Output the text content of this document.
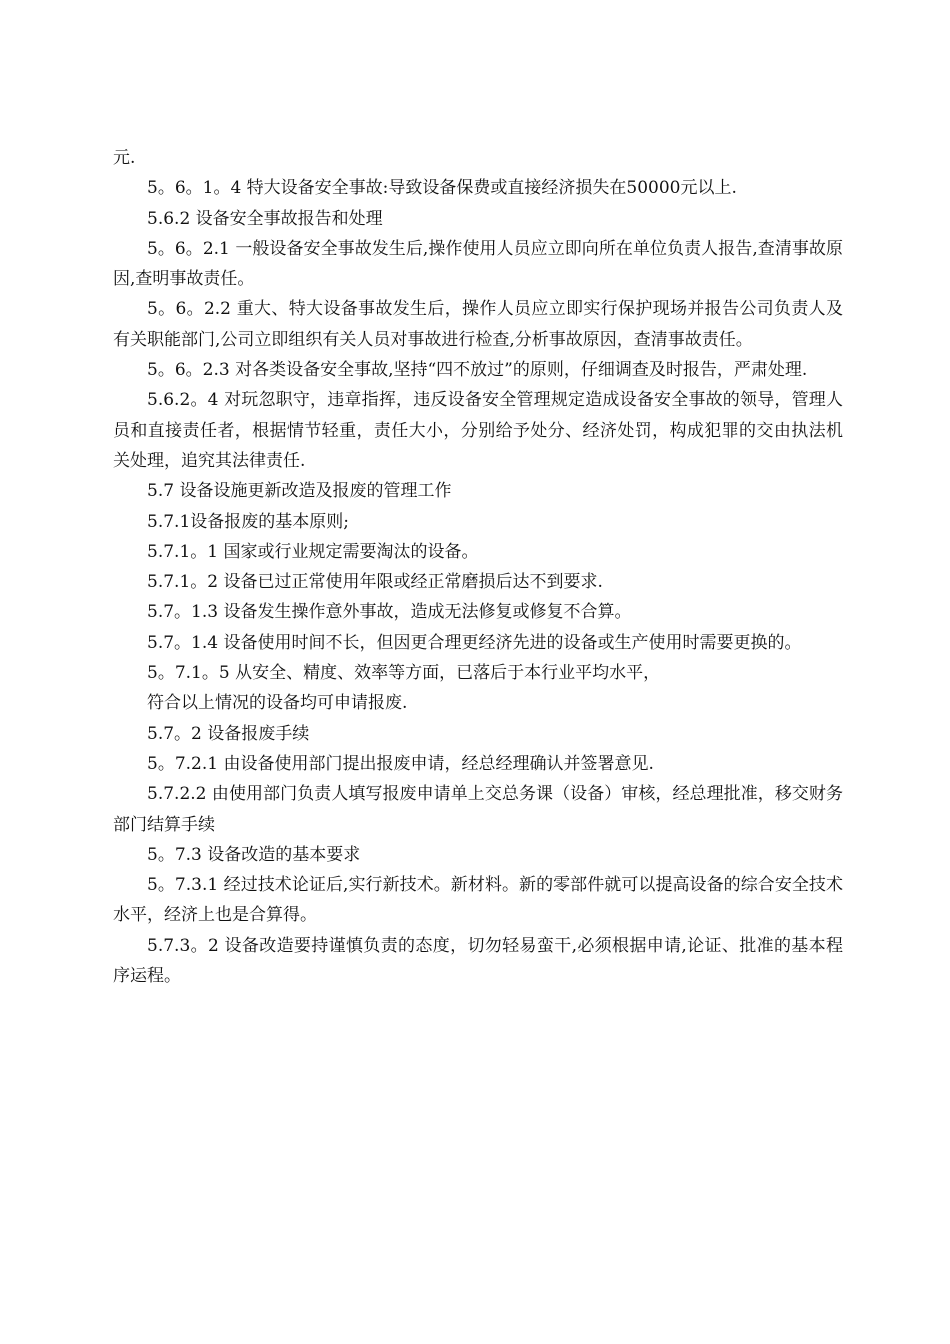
元.

5。6。1。4 特大设备安全事故:导致设备保费或直接经济损失在50000元以上.

5.6.2 设备安全事故报告和处理

5。6。2.1 一般设备安全事故发生后,操作使用人员应立即向所在单位负责人报告,查清事故原因,查明事故责任。

5。6。2.2 重大、特大设备事故发生后，操作人员应立即实行保护现场并报告公司负责人及有关职能部门,公司立即组织有关人员对事故进行检查,分析事故原因，查清事故责任。

5。6。2.3 对各类设备安全事故,坚持“四不放过”的原则，仔细调查及时报告，严肃处理.

5.6.2。4 对玩忽职守，违章指挥，违反设备安全管理规定造成设备安全事故的领导，管理人员和直接责任者，根据情节轻重，责任大小，分别给予处分、经济处罚，构成犯罪的交由执法机关处理，追究其法律责任.

5.7 设备设施更新改造及报废的管理工作

5.7.1设备报废的基本原则;

5.7.1。1 国家或行业规定需要淘汰的设备。

5.7.1。2 设备已过正常使用年限或经正常磨损后达不到要求.

5.7。1.3 设备发生操作意外事故，造成无法修复或修复不合算。

5.7。1.4 设备使用时间不长，但因更合理更经济先进的设备或生产使用时需要更换的。

5。7.1。5 从安全、精度、效率等方面，已落后于本行业平均水平，

符合以上情况的设备均可申请报废.

5.7。2 设备报废手续

5。7.2.1 由设备使用部门提出报废申请，经总经理确认并签署意见.

5.7.2.2 由使用部门负责人填写报废申请单上交总务课（设备）审核，经总理批准，移交财务部门结算手续

5。7.3 设备改造的基本要求

5。7.3.1 经过技术论证后,实行新技术。新材料。新的零部件就可以提高设备的综合安全技术水平，经济上也是合算得。

5.7.3。2 设备改造要持谨慎负责的态度，切勿轻易蛮干,必须根据申请,论证、批准的基本程序运程。
